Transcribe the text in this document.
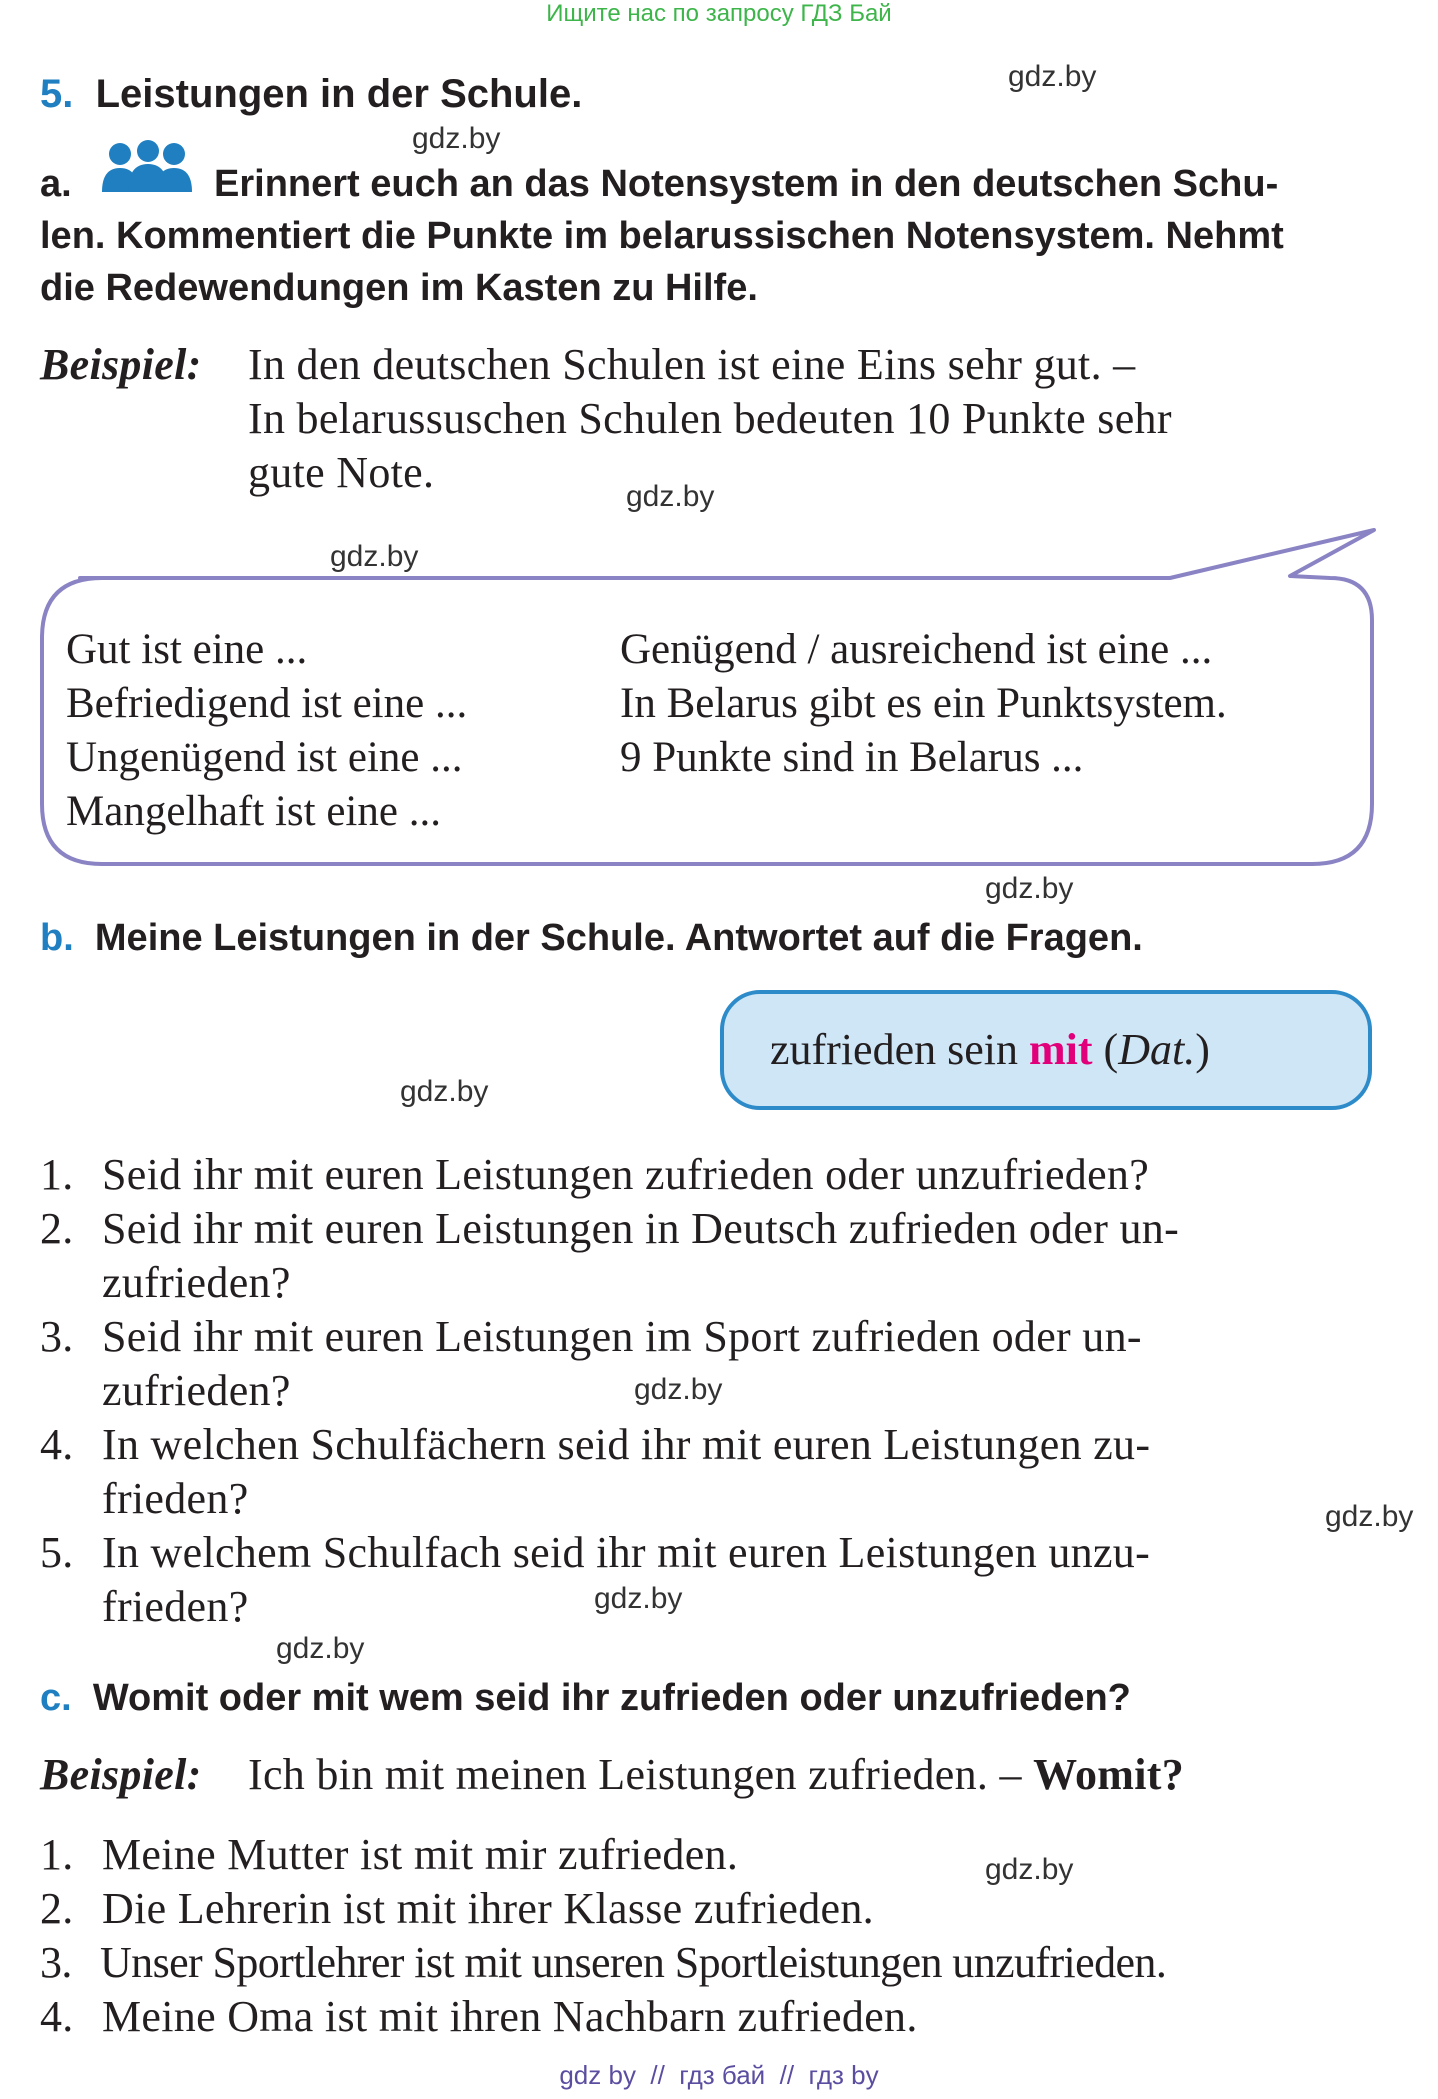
Ищите нас по запросу ГДЗ Бай
gdz.by
gdz.by
gdz.by
gdz.by
gdz.by
gdz.by
gdz.by
gdz.by
gdz.by
gdz.by
gdz.by
5. Leistungen in der Schule.
a.	Erinnert euch an das Notensystem in den deutschen Schu-
len. Kommentiert die Punkte im belarussischen Notensystem. Nehmt
die Redewendungen im Kasten zu Hilfe.
Beispiel: In den deutschen Schulen ist eine Eins sehr gut. –
In belarussuschen Schulen bedeuten 10 Punkte sehr
gute Note.
Gut ist eine ...
Befriedigend ist eine ...
Ungenügend ist eine ...
Mangelhaft ist eine ...
Genügend / ausreichend ist eine ...
In Belarus gibt es ein Punktsystem.
9 Punkte sind in Belarus ...
b. Meine Leistungen in der Schule. Antwortet auf die Fragen.
zufrieden sein mit (Dat.)
1. Seid ihr mit euren Leistungen zufrieden oder unzufrieden?
2. Seid ihr mit euren Leistungen in Deutsch zufrieden oder un-
zufrieden?
3. Seid ihr mit euren Leistungen im Sport zufrieden oder un-
zufrieden?
4. In welchen Schulfächern seid ihr mit euren Leistungen zu-
frieden?
5. In welchem Schulfach seid ihr mit euren Leistungen unzu-
frieden?
c. Womit oder mit wem seid ihr zufrieden oder unzufrieden?
Beispiel: Ich bin mit meinen Leistungen zufrieden. – Womit?
1. Meine Mutter ist mit mir zufrieden.
2. Die Lehrerin ist mit ihrer Klasse zufrieden.
3. Unser Sportlehrer ist mit unseren Sportleistungen unzufrieden.
4. Meine Oma ist mit ihren Nachbarn zufrieden.
gdz by  //  гдз бай  //  гдз by
